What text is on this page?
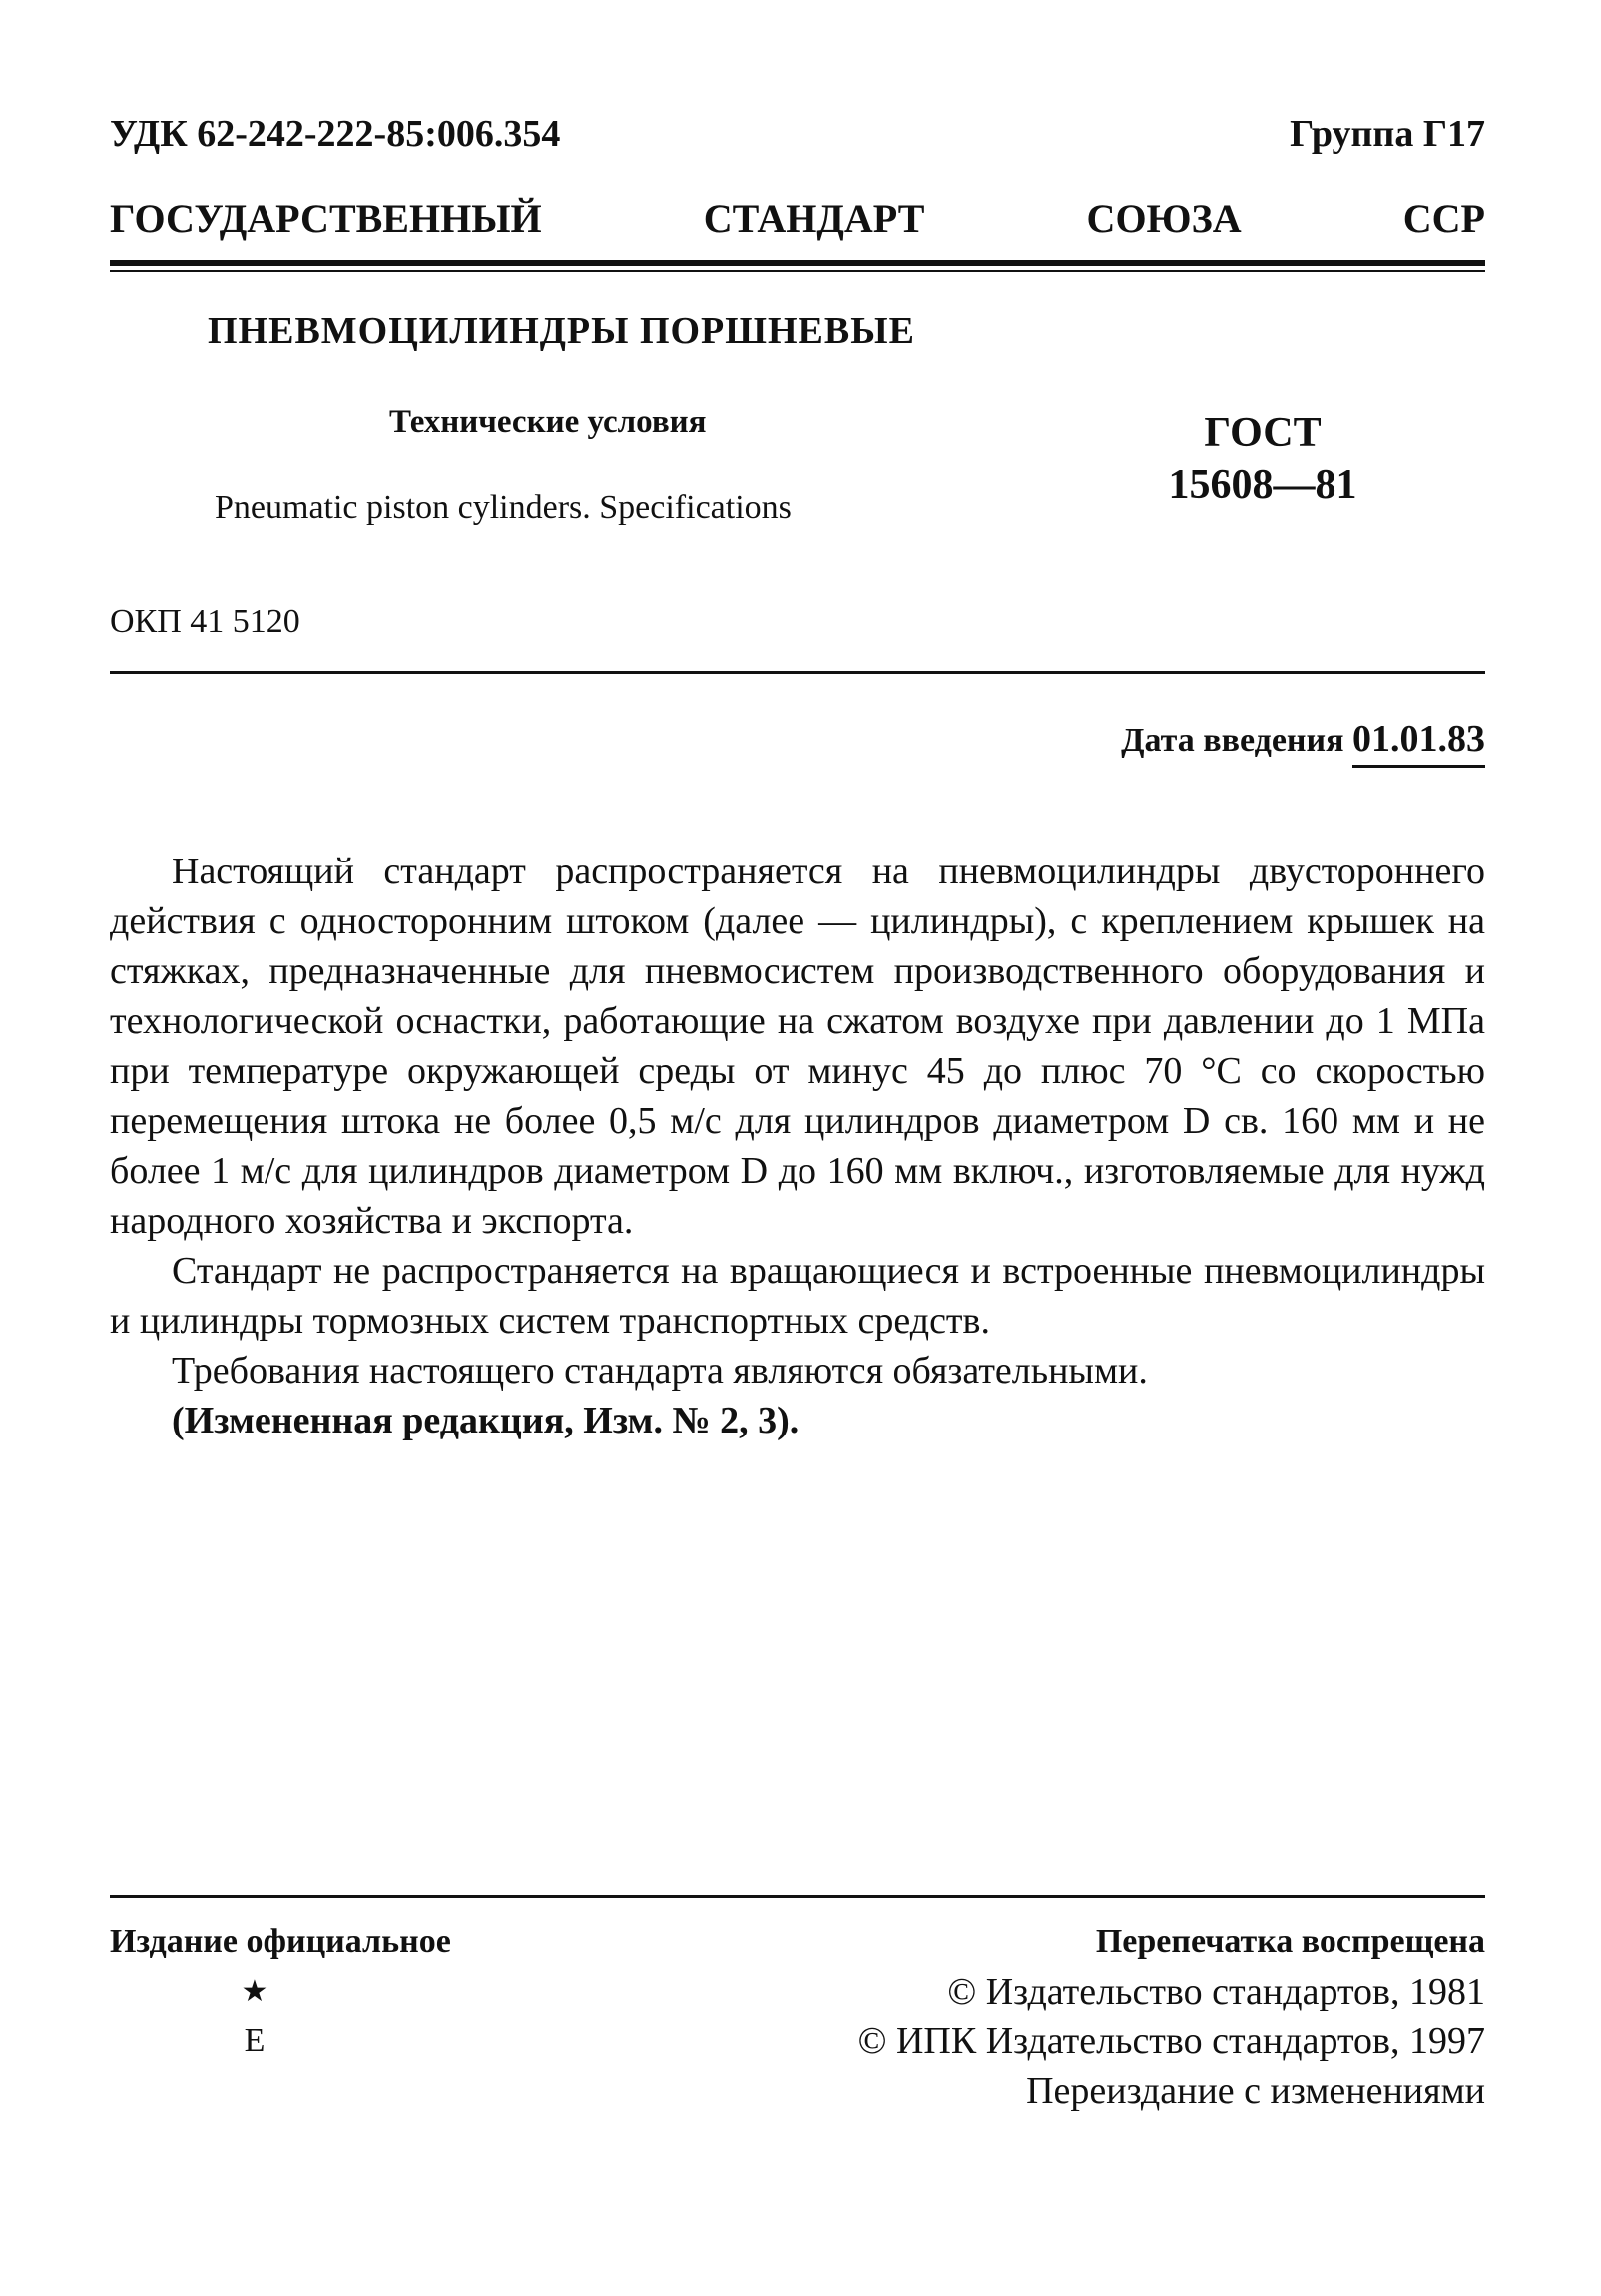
УДК 62-242-222-85:006.354	Группа Г17
ГОСУДАРСТВЕННЫЙ СТАНДАРТ СОЮЗА ССР
ПНЕВМОЦИЛИНДРЫ ПОРШНЕВЫЕ
Технические условия
Pneumatic piston cylinders. Specifications
ГОСТ
15608—81
ОКП 41 5120
Дата введения 01.01.83

Настоящий стандарт распространяется на пневмоцилиндры двустороннего действия с односторонним штоком (далее — цилиндры), с креплением крышек на стяжках, предназначенные для пневмосистем производственного оборудования и технологической оснастки, работающие на сжатом воздухе при давлении до 1 МПа при температуре окружающей среды от минус 45 до плюс 70 °С со скоростью перемещения штока не более 0,5 м/с для цилиндров диаметром D св. 160 мм и не более 1 м/с для цилиндров диаметром D до 160 мм включ., изготовляемые для нужд народного хозяйства и экспорта.

Стандарт не распространяется на вращающиеся и встроенные пневмоцилиндры и цилиндры тормозных систем транспортных средств.

Требования настоящего стандарта являются обязательными.

(Измененная редакция, Изм. № 2, 3).

Издание официальное
★
Е
Перепечатка воспрещена
© Издательство стандартов, 1981
© ИПК Издательство стандартов, 1997
Переиздание с изменениями
